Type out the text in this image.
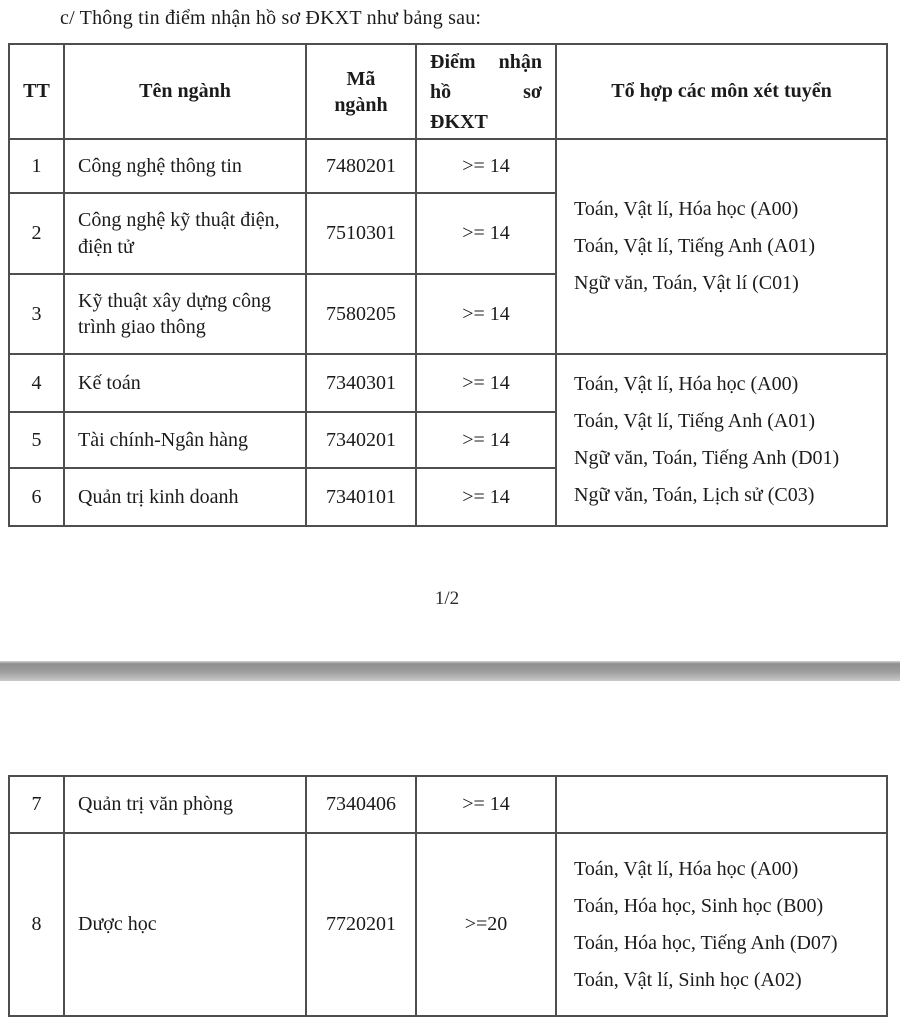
c/ Thông tin điểm nhận hồ sơ ĐKXT như bảng sau:
TT	Tên ngành	Mã ngành	Điểm nhận
hồ sơ
ĐKXT	Tổ hợp các môn xét tuyển
1	Công nghệ thông tin	7480201	>= 14	Toán, Vật lí, Hóa học (A00)
Toán, Vật lí, Tiếng Anh (A01)
Ngữ văn, Toán, Vật lí (C01)

2	Công nghệ kỹ thuật điện, điện tử	7510301	>= 14	
3	Kỹ thuật xây dựng công trình giao thông	7580205	>= 14	
4	Kế toán	7340301	>= 14	Toán, Vật lí, Hóa học (A00)
Toán, Vật lí, Tiếng Anh (A01)
Ngữ văn, Toán, Tiếng Anh (D01)
Ngữ văn, Toán, Lịch sử (C03)

5	Tài chính-Ngân hàng	7340201	>= 14	
6	Quản trị kinh doanh	7340101	>= 14	
1/2
7	Quản trị văn phòng	7340406	>= 14	
8	Dược học	7720201	>=20	Toán, Vật lí, Hóa học (A00)
Toán, Hóa học, Sinh học (B00)
Toán, Hóa học, Tiếng Anh (D07)
Toán, Vật lí, Sinh học (A02)
